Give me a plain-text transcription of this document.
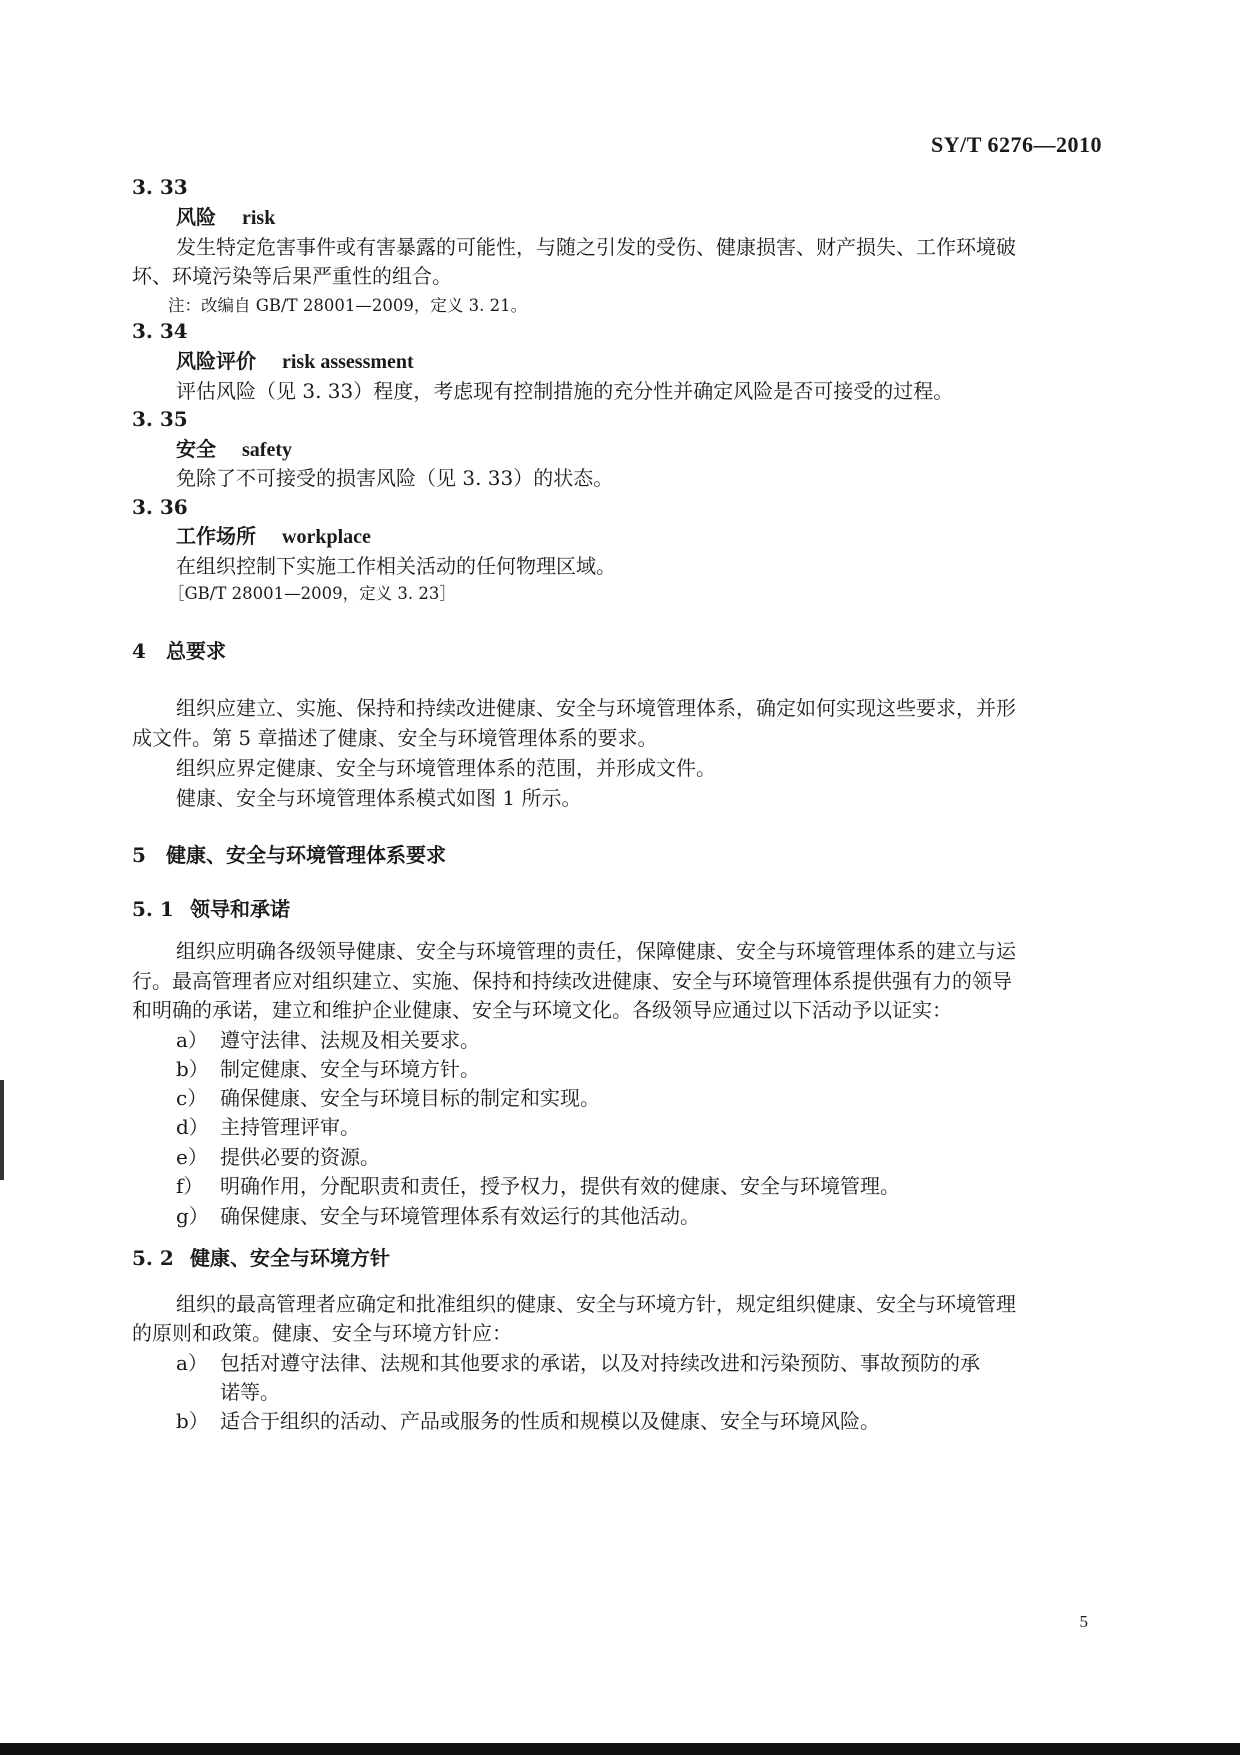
SY/T 6276—2010
3. 33
风险 risk
发生特定危害事件或有害暴露的可能性，与随之引发的受伤、健康损害、财产损失、工作环境破
坏、环境污染等后果严重性的组合。
注：改编自 GB/T 28001—2009，定义 3. 21。
3. 34
风险评价 risk assessment
评估风险（见 3. 33）程度，考虑现有控制措施的充分性并确定风险是否可接受的过程。
3. 35
安全 safety
免除了不可接受的损害风险（见 3. 33）的状态。
3. 36
工作场所 workplace
在组织控制下实施工作相关活动的任何物理区域。
［GB/T 28001—2009，定义 3. 23］
4 总要求
组织应建立、实施、保持和持续改进健康、安全与环境管理体系，确定如何实现这些要求，并形
成文件。第 5 章描述了健康、安全与环境管理体系的要求。
组织应界定健康、安全与环境管理体系的范围，并形成文件。
健康、安全与环境管理体系模式如图 1 所示。
5 健康、安全与环境管理体系要求
5. 1 领导和承诺
组织应明确各级领导健康、安全与环境管理的责任，保障健康、安全与环境管理体系的建立与运
行。最高管理者应对组织建立、实施、保持和持续改进健康、安全与环境管理体系提供强有力的领导
和明确的承诺，建立和维护企业健康、安全与环境文化。各级领导应通过以下活动予以证实：
a） 遵守法律、法规及相关要求。
b） 制定健康、安全与环境方针。
c） 确保健康、安全与环境目标的制定和实现。
d） 主持管理评审。
e） 提供必要的资源。
f） 明确作用，分配职责和责任，授予权力，提供有效的健康、安全与环境管理。
g） 确保健康、安全与环境管理体系有效运行的其他活动。
5. 2 健康、安全与环境方针
组织的最高管理者应确定和批准组织的健康、安全与环境方针，规定组织健康、安全与环境管理
的原则和政策。健康、安全与环境方针应：
a） 包括对遵守法律、法规和其他要求的承诺，以及对持续改进和污染预防、事故预防的承
诺等。
b） 适合于组织的活动、产品或服务的性质和规模以及健康、安全与环境风险。
5
